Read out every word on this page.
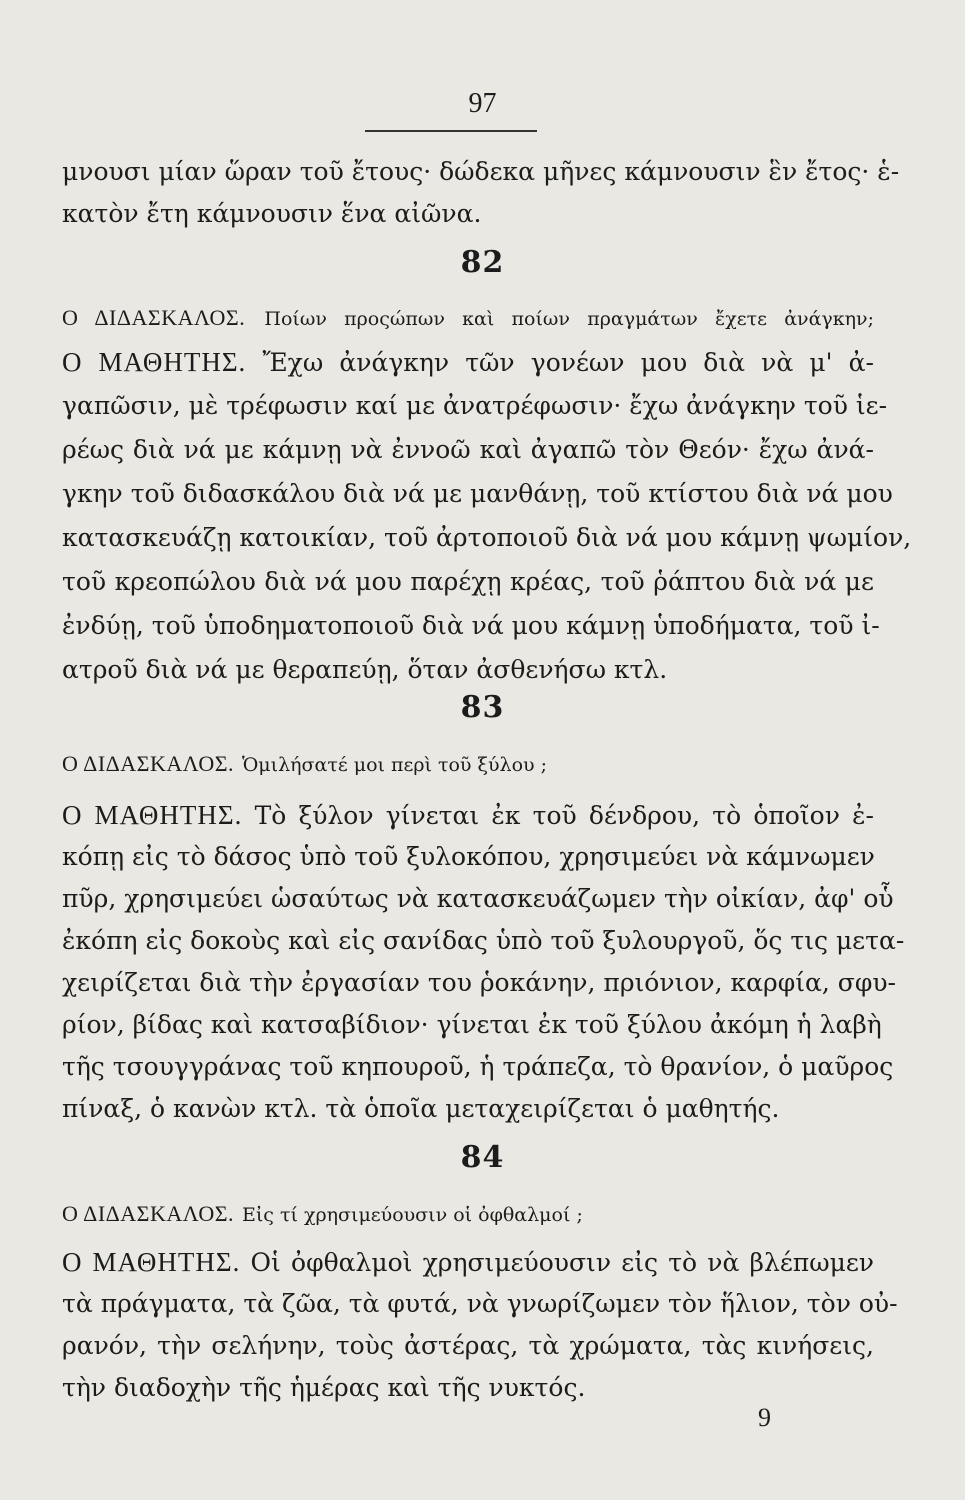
97
μνουσι μίαν ὥραν τοῦ ἔτους· δώδεκα μῆνες κάμνουσιν ἓν ἔτος· ἑ-
κατὸν ἔτη κάμνουσιν ἕνα αἰῶνα.
82
Ο ΔΙΔΑΣΚΑΛΟΣ. Ποίων προςώπων καὶ ποίων πραγμάτων ἔχετε ἀνάγκην;
Ο ΜΑΘΗΤΗΣ. Ἔχω ἀνάγκην τῶν γονέων μου διὰ νὰ μ' ἀ-
γαπῶσιν, μὲ τρέφωσιν καί με ἀνατρέφωσιν· ἔχω ἀνάγκην τοῦ ἱε-
ρέως διὰ νά με κάμνῃ νὰ ἐννοῶ καὶ ἀγαπῶ τὸν Θεόν· ἔχω ἀνά-
γκην τοῦ διδασκάλου διὰ νά με μανθάνῃ, τοῦ κτίστου διὰ νά μου
κατασκευάζῃ κατοικίαν, τοῦ ἀρτοποιοῦ διὰ νά μου κάμνῃ ψωμίον,
τοῦ κρεοπώλου διὰ νά μου παρέχῃ κρέας, τοῦ ῥάπτου διὰ νά με
ἐνδύῃ, τοῦ ὑποδηματοποιοῦ διὰ νά μου κάμνῃ ὑποδήματα, τοῦ ἰ-
ατροῦ διὰ νά με θεραπεύῃ, ὅταν ἀσθενήσω κτλ.
83
Ο ΔΙΔΑΣΚΑΛΟΣ. Ὁμιλήσατέ μοι περὶ τοῦ ξύλου ;
Ο ΜΑΘΗΤΗΣ. Τὸ ξύλον γίνεται ἐκ τοῦ δένδρου, τὸ ὁποῖον ἐ-
κόπῃ εἰς τὸ δάσος ὑπὸ τοῦ ξυλοκόπου, χρησιμεύει νὰ κάμνωμεν
πῦρ, χρησιμεύει ὡσαύτως νὰ κατασκευάζωμεν τὴν οἰκίαν, ἀφ' οὗ
ἐκόπη εἰς δοκοὺς καὶ εἰς σανίδας ὑπὸ τοῦ ξυλουργοῦ, ὅς τις μετα-
χειρίζεται διὰ τὴν ἐργασίαν του ῥοκάνην, πριόνιον, καρφία, σφυ-
ρίον, βίδας καὶ κατσαβίδιον· γίνεται ἐκ τοῦ ξύλου ἀκόμη ἡ λαβὴ
τῆς τσουγγράνας τοῦ κηπουροῦ, ἡ τράπεζα, τὸ θρανίον, ὁ μαῦρος
πίναξ, ὁ κανὼν κτλ. τὰ ὁποῖα μεταχειρίζεται ὁ μαθητής.
84
Ο ΔΙΔΑΣΚΑΛΟΣ. Εἰς τί χρησιμεύουσιν οἱ ὀφθαλμοί ;
Ο ΜΑΘΗΤΗΣ. Οἱ ὀφθαλμοὶ χρησιμεύουσιν εἰς τὸ νὰ βλέπωμεν
τὰ πράγματα, τὰ ζῶα, τὰ φυτά, νὰ γνωρίζωμεν τὸν ἥλιον, τὸν οὐ-
ρανόν, τὴν σελήνην, τοὺς ἀστέρας, τὰ χρώματα, τὰς κινήσεις,
τὴν διαδοχὴν τῆς ἡμέρας καὶ τῆς νυκτός.
9
